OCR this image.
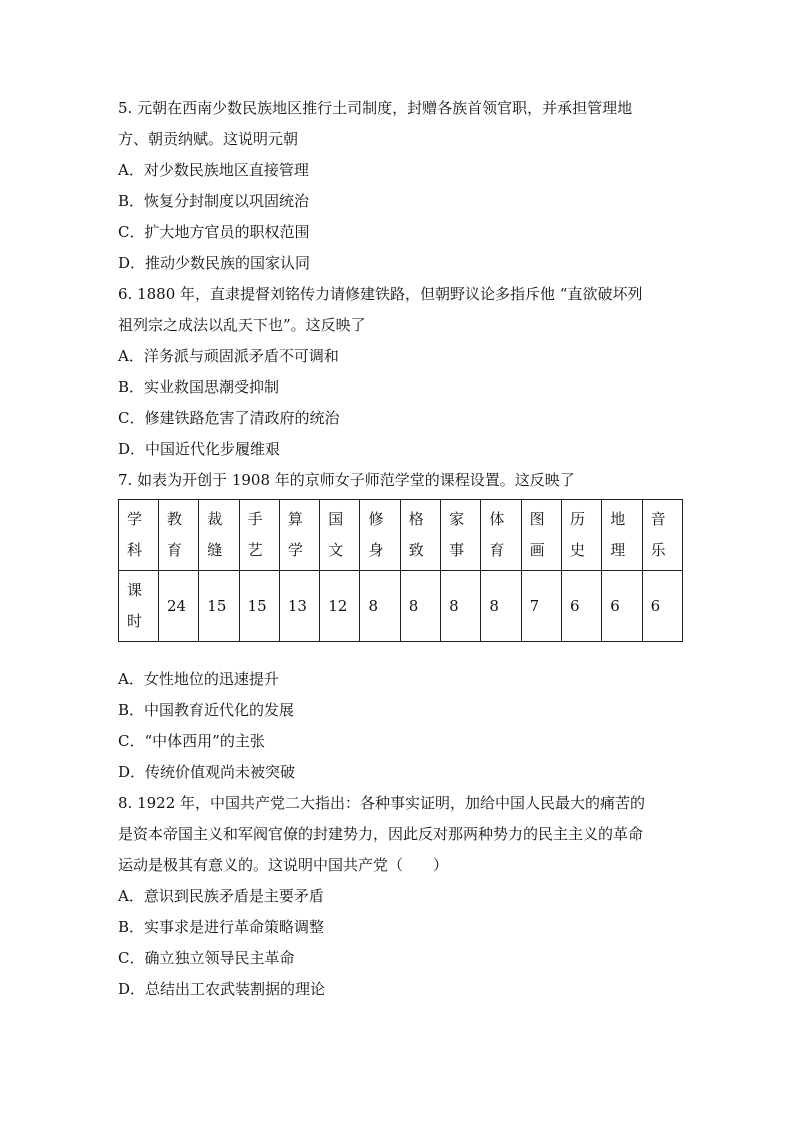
5. 元朝在西南少数民族地区推行土司制度，封赠各族首领官职，并承担管理地
方、朝贡纳赋。这说明元朝
A．对少数民族地区直接管理
B．恢复分封制度以巩固统治
C．扩大地方官员的职权范围
D．推动少数民族的国家认同
6. 1880 年，直隶提督刘铭传力请修建铁路，但朝野议论多指斥他 “直欲破坏列
祖列宗之成法以乱天下也”。这反映了
A．洋务派与顽固派矛盾不可调和
B．实业救国思潮受抑制
C．修建铁路危害了清政府的统治
D．中国近代化步履维艰
7. 如表为开创于 1908 年的京师女子师范学堂的课程设置。这反映了
学科	教育	裁缝	手艺	算学	国文	修身	格致	家事	体育	图画	历史	地理	音乐

课时	24	15	15	13	12	8	8	8	8	7	6	6	6
A．女性地位的迅速提升
B．中国教育近代化的发展
C．“中体西用”的主张
D．传统价值观尚未被突破
8. 1922 年，中国共产党二大指出：各种事实证明，加给中国人民最大的痛苦的
是资本帝国主义和军阀官僚的封建势力，因此反对那两种势力的民主主义的革命
运动是极其有意义的。这说明中国共产党（　　）
A．意识到民族矛盾是主要矛盾
B．实事求是进行革命策略调整
C．确立独立领导民主革命
D．总结出工农武装割据的理论
